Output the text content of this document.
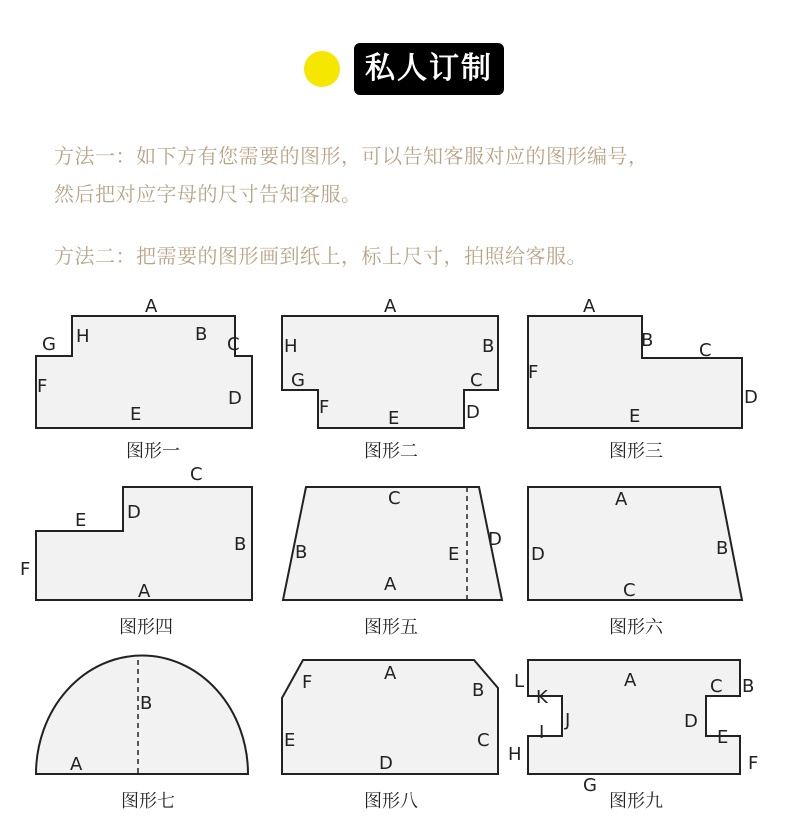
私人订制
方法一：如下方有您需要的图形，可以告知客服对应的图形编号，
然后把对应字母的尺寸告知客服。
方法二：把需要的图形画到纸上，标上尺寸，拍照给客服。
A
B C
D
E
F
G H
图形一
A
B
C
D
E
F
G
H
图形二
A
B	C
D
E
F
图形三
A
B
C
D
E
F
图形四
A
B
C
D
E
图形五
A
B
C
D
图形六
A
B
图形七
A
B
C
D
E
F
图形八
A	B
C
D
E
F
G
H
I
J
K
L
图形九
